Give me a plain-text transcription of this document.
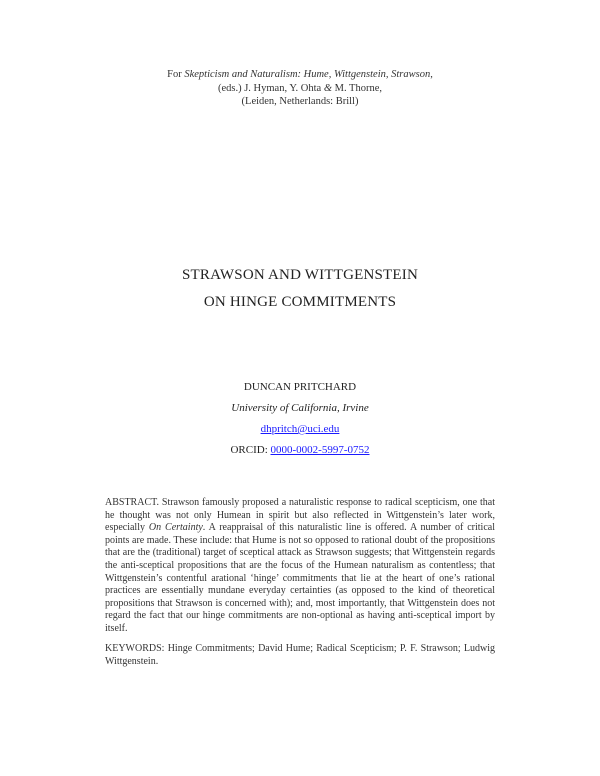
For Skepticism and Naturalism: Hume, Wittgenstein, Strawson,
(eds.) J. Hyman, Y. Ohta & M. Thorne,
(Leiden, Netherlands: Brill)
STRAWSON AND WITTGENSTEIN
ON HINGE COMMITMENTS
DUNCAN PRITCHARD
University of California, Irvine
dhpritch@uci.edu
ORCID: 0000-0002-5997-0752
ABSTRACT. Strawson famously proposed a naturalistic response to radical scepticism, one that he thought was not only Humean in spirit but also reflected in Wittgenstein’s later work, especially On Certainty. A reappraisal of this naturalistic line is offered. A number of critical points are made. These include: that Hume is not so opposed to rational doubt of the propositions that are the (traditional) target of sceptical attack as Strawson suggests; that Wittgenstein regards the anti-sceptical propositions that are the focus of the Humean naturalism as contentless; that Wittgenstein’s contentful arational ‘hinge’ commitments that lie at the heart of one’s rational practices are essentially mundane everyday certainties (as opposed to the kind of theoretical propositions that Strawson is concerned with); and, most importantly, that Wittgenstein does not regard the fact that our hinge commitments are non-optional as having anti-sceptical import by itself.
KEYWORDS: Hinge Commitments; David Hume; Radical Scepticism; P. F. Strawson; Ludwig Wittgenstein.
